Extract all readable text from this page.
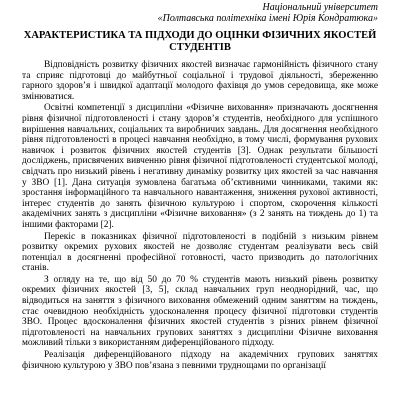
Національний університет
«Полтавська політехніка імені Юрія Кондратюка»
ХАРАКТЕРИСТИКА ТА ПІДХОДИ ДО ОЦІНКИ ФІЗИЧНИХ ЯКОСТЕЙ
СТУДЕНТІВ

Відповідність розвитку фізичних якостей визначає гармонійність фізичного стану та сприяє підготовці до майбутньої соціальної і трудової діяльності, збереженню гарного здоров’я і швидкої адаптації молодого фахівця до умов середовища, яке може змінюватися.

Освітні компетенції з дисципліни «Фізичне виховання» призначають досягнення рівня фізичної підготовленості і стану здоров’я студентів, необхідного для успішного вирішення навчальних, соціальних та виробничих завдань. Для досягнення необхідного рівня підготовленості в процесі навчання необхідно, в тому числі, формування рухових навичок і розвиток фізичних якостей студентів [3]. Однак результати більшості досліджень, присвячених вивченню рівня фізичної підготовленості студентської молоді, свідчать про низький рівень і негативну динаміку розвитку цих якостей за час навчання у ЗВО [1]. Дана ситуація зумовлена багатьма об’єктивними чинниками, такими як: зростання інформаційного та навчального навантаження, зниження рухової активності, інтерес студентів до занять фізичною культурою і спортом, скорочення кількості академічних занять з дисципліни «Фізичне виховання» (з 2 занять на тиждень до 1) та іншими факторами [2].

Перекіс в показниках фізичної підготовленості в подібній з низьким рівнем розвитку окремих рухових якостей не дозволяє студентам реалізувати весь свій потенціал в досягненні професійної готовності, часто призводить до патологічних станів.

З огляду на те, що від 50 до 70 % студентів мають низький рівень розвитку окремих фізичних якостей [3, 5], склад навчальних груп неоднорідний, час, що відводиться на заняття з фізичного виховання обмежений одним заняттям на тиждень, стає очевидною необхідність удосконалення процесу фізичної підготовки студентів ЗВО. Процес вдосконалення фізичних якостей студентів з різних рівнем фізичної підготовленості на навчальних групових заняттях з дисципліни Фізичне виховання можливий тільки з використанням диференційованого підходу.

Реалізація диференційованого підходу на академічних групових заняттях фізичною культурою у ЗВО пов’язана з певними труднощами по організації
